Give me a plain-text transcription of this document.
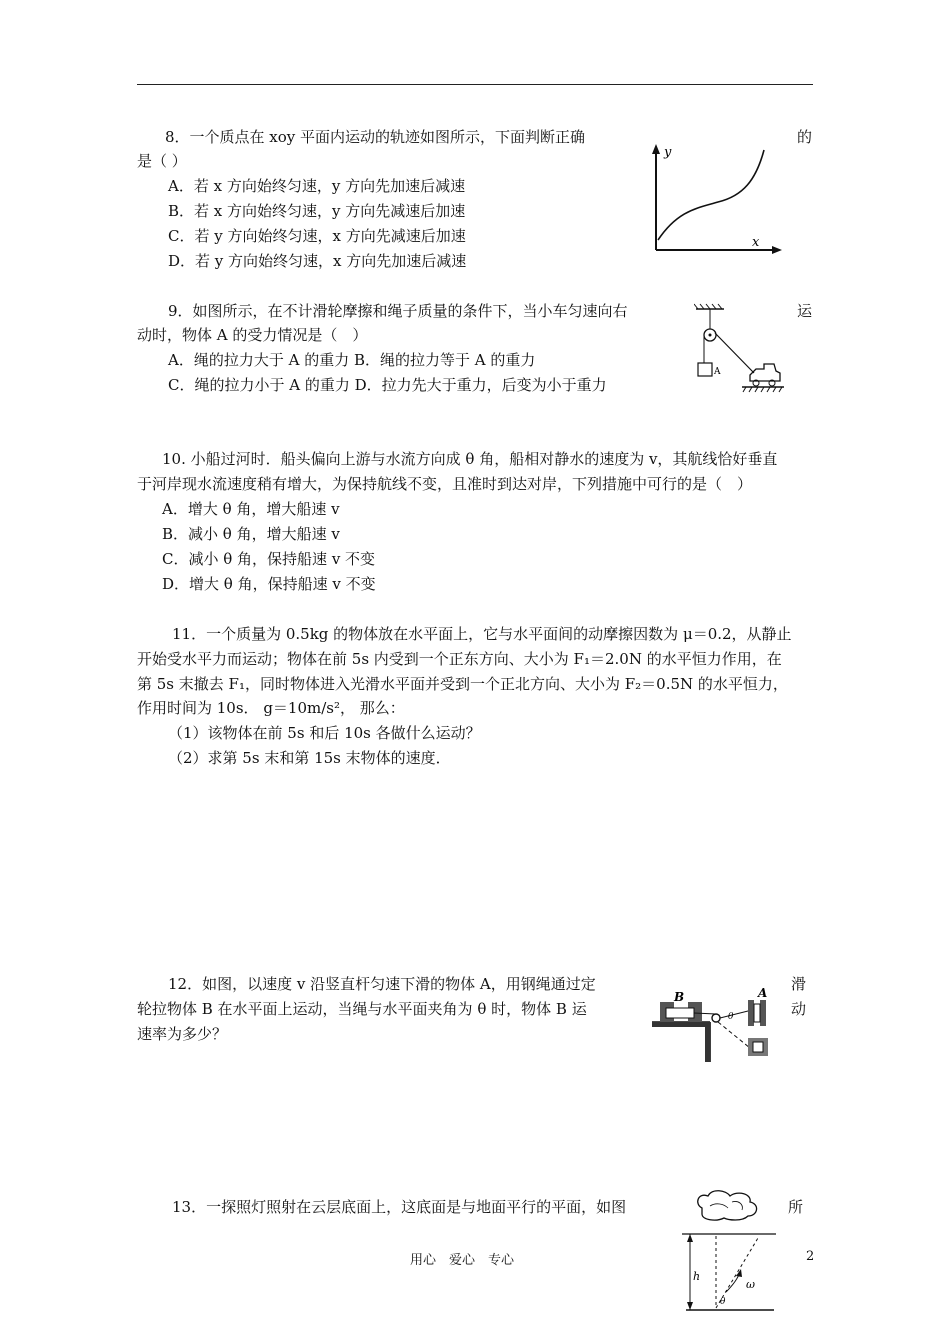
8．一个质点在 xoy 平面内运动的轨迹如图所示，下面判断正确	的
是（ ）
A．若 x 方向始终匀速，y 方向先加速后减速
B．若 x 方向始终匀速，y 方向先减速后加速
C．若 y 方向始终匀速，x 方向先减速后加速
D．若 y 方向始终匀速，x 方向先加速后减速
y
x
9．如图所示，在不计滑轮摩擦和绳子质量的条件下，当小车匀速向右	运
动时，物体 A 的受力情况是（　）
A．绳的拉力大于 A 的重力 B．绳的拉力等于 A 的重力
C．绳的拉力小于 A 的重力 D．拉力先大于重力，后变为小于重力
A
10. 小船过河时．船头偏向上游与水流方向成 θ 角，船相对静水的速度为 v，其航线恰好垂直
于河岸现水流速度稍有增大，为保持航线不变，且准时到达对岸，下列措施中可行的是（　）
A．增大 θ 角，增大船速 v
B．减小 θ 角，增大船速 v
C．减小 θ 角，保持船速 v 不变
D．增大 θ 角，保持船速 v 不变
11．一个质量为 0.5kg 的物体放在水平面上，它与水平面间的动摩擦因数为 μ＝0.2，从静止
开始受水平力而运动；物体在前 5s 内受到一个正东方向、大小为 F₁＝2.0N 的水平恒力作用，在
第 5s 末撤去 F₁，同时物体进入光滑水平面并受到一个正北方向、大小为 F₂＝0.5N 的水平恒力，
作用时间为 10s． g＝10m/s²， 那么：
（1）该物体在前 5s 和后 10s 各做什么运动？
（2）求第 5s 末和第 15s 末物体的速度．
12．如图，以速度 v 沿竖直杆匀速下滑的物体 A，用钢绳通过定	滑
轮拉物体 B 在水平面上运动，当绳与水平面夹角为 θ 时，物体 B 运	动
速率为多少？
B
θ
A
13．一探照灯照射在云层底面上，这底面是与地面平行的平面，如图	所
h
ω
θ
用心　爱心　专心	2
